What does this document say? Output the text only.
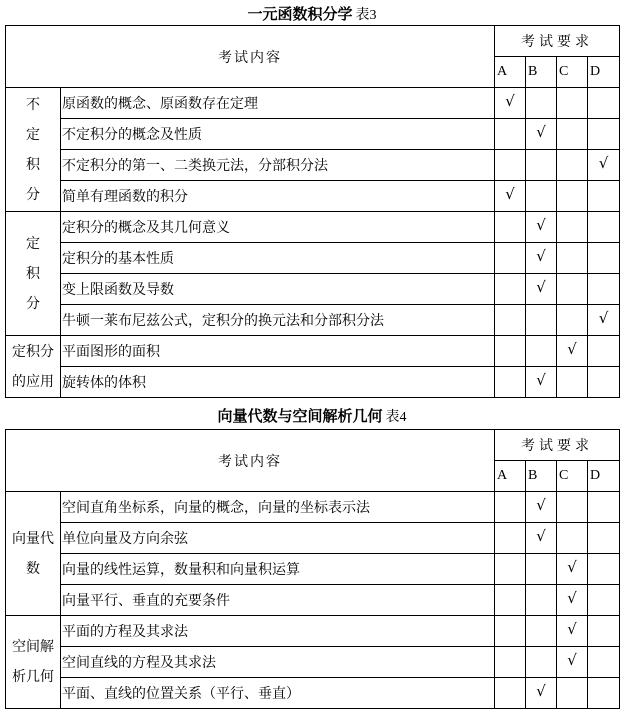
一元函数积分学 表3
考试内容		考试要求			
		A	B	C	D

不
定
积
分	原函数的概念、原函数存在定理	√			
	不定积分的概念及性质		√		
	不定积分的第一、二类换元法，分部积分法				√
	简单有理函数的积分	√			

定
积
分	定积分的概念及其几何意义		√		
	定积分的基本性质		√		
	变上限函数及导数		√		
	牛顿一莱布尼兹公式，定积分的换元法和分部积分法				√

定积分
的应用	平面图形的面积			√	
	旋转体的体积		√		
向量代数与空间解析几何 表4
考试内容		考试要求			
		A	B	C	D

向量代
数	空间直角坐标系，向量的概念，向量的坐标表示法		√		
	单位向量及方向余弦		√		
	向量的线性运算，数量积和向量积运算			√	
	向量平行、垂直的充要条件			√	

空间解
析几何	平面的方程及其求法			√	
	空间直线的方程及其求法			√	
	平面、直线的位置关系（平行、垂直）		√		
